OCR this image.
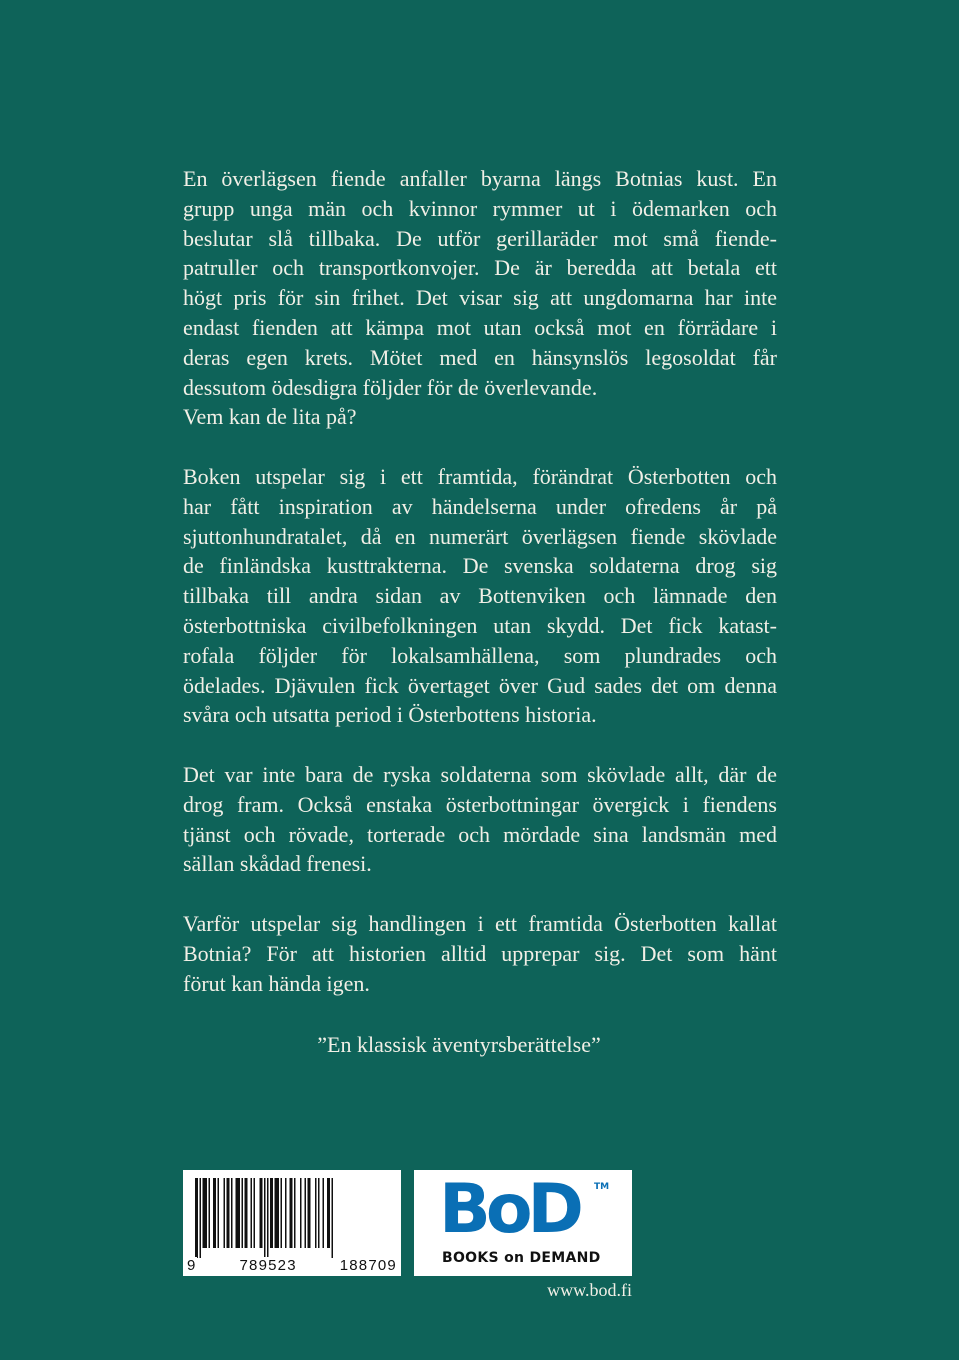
En överlägsen fiende anfaller byarna längs Botnias kust. En
grupp unga män och kvinnor rymmer ut i ödemarken och
beslutar slå tillbaka. De utför gerillaräder mot små fiende-
patruller och transportkonvojer. De är beredda att betala ett
högt pris för sin frihet. Det visar sig att ungdomarna har inte
endast fienden att kämpa mot utan också mot en förrädare i
deras egen krets. Mötet med en hänsynslös legosoldat får
dessutom ödesdigra följder för de överlevande.
Vem kan de lita på?

Boken utspelar sig i ett framtida, förändrat Österbotten och
har fått inspiration av händelserna under ofredens år på
sjuttonhundratalet, då en numerärt överlägsen fiende skövlade
de finländska kusttrakterna. De svenska soldaterna drog sig
tillbaka till andra sidan av Bottenviken och lämnade den
österbottniska civilbefolkningen utan skydd. Det fick katast-
rofala följder för lokalsamhällena, som plundrades och
ödelades. Djävulen fick övertaget över Gud sades det om denna
svåra och utsatta period i Österbottens historia.

Det var inte bara de ryska soldaterna som skövlade allt, där de
drog fram. Också enstaka österbottningar övergick i fiendens
tjänst och rövade, torterade och mördade sina landsmän med
sällan skådad frenesi.

Varför utspelar sig handlingen i ett framtida Österbotten kallat
Botnia? För att historien alltid upprepar sig. Det som hänt
förut kan hända igen.

”En klassisk äventyrsberättelse”
9	789523	188709
BoD TM
BOOKS on DEMAND
www.bod.fi
